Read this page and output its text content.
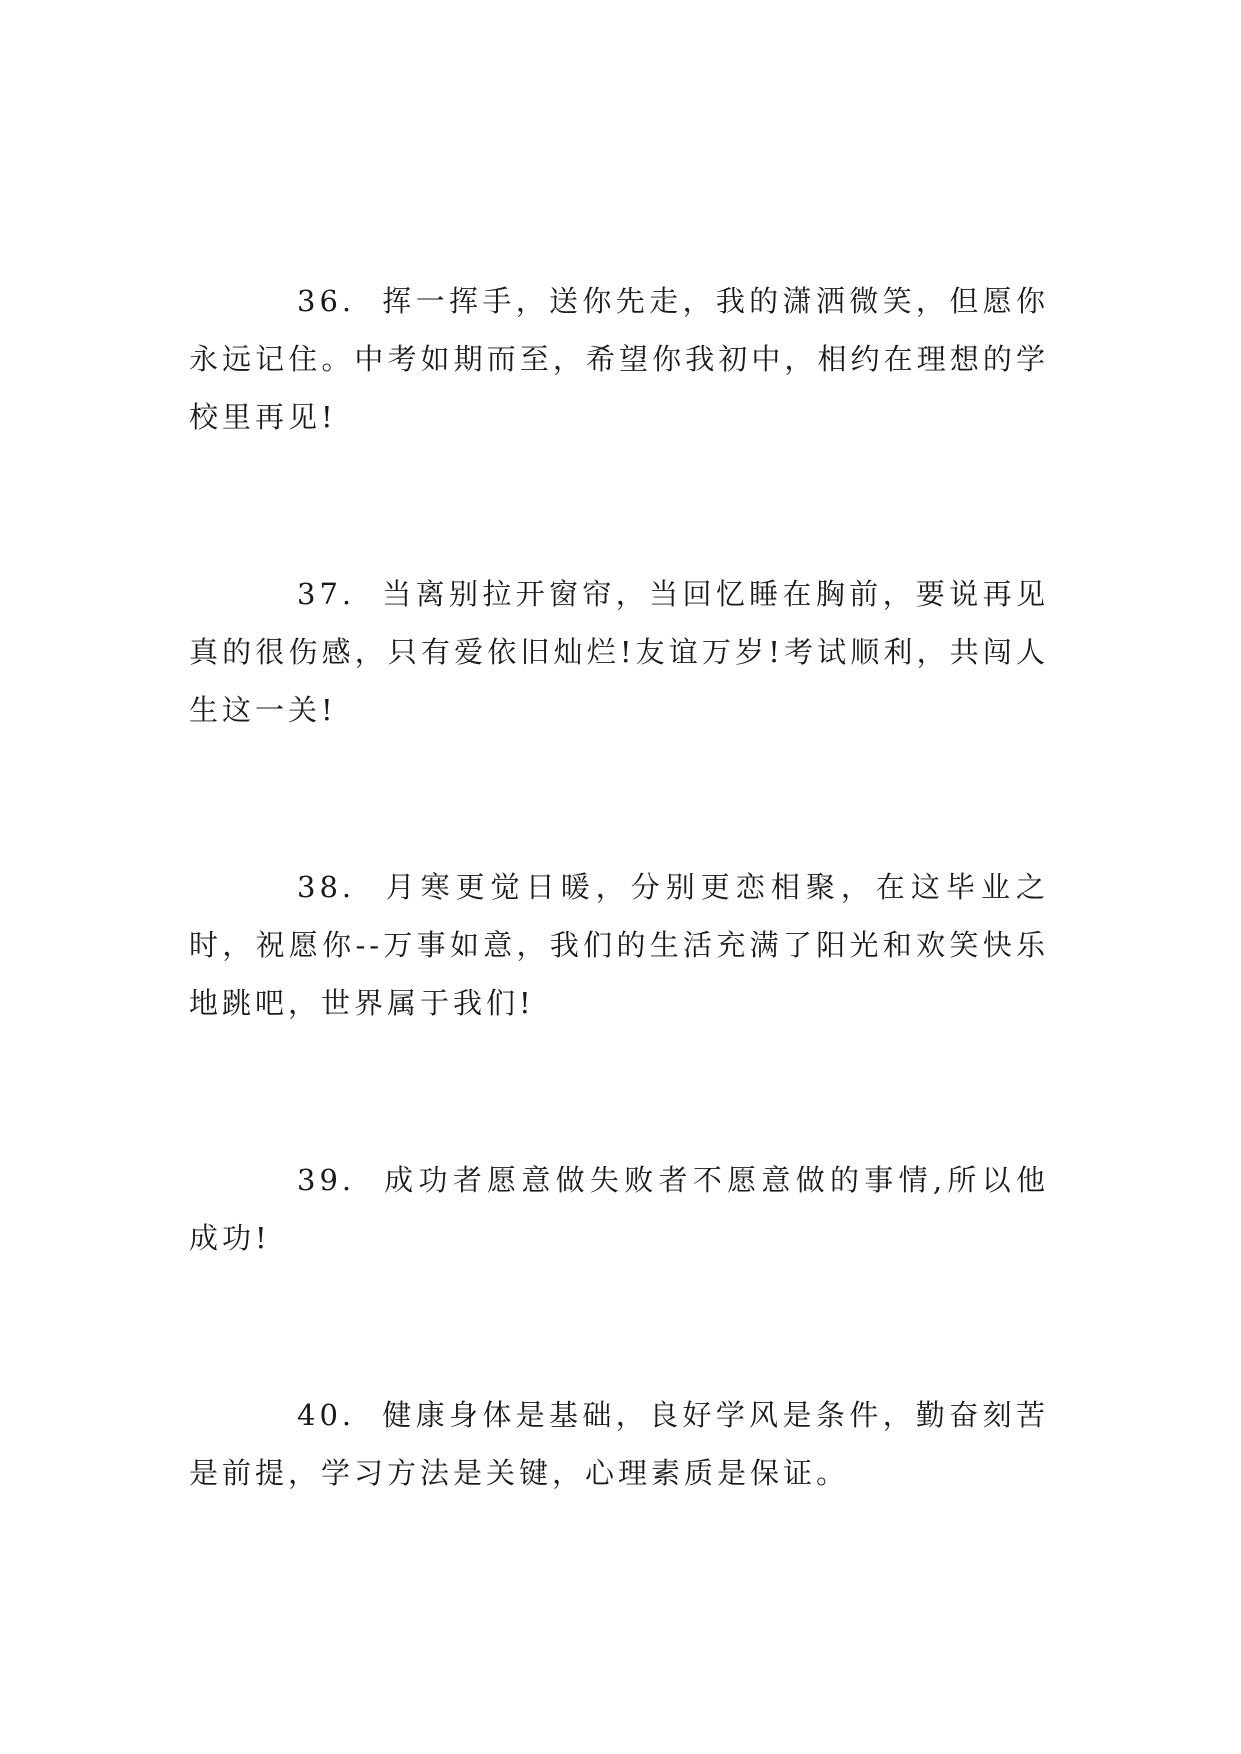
36. 挥一挥手，送你先走，我的潇洒微笑，但愿你永远记住。中考如期而至，希望你我初中，相约在理想的学校里再见!

37. 当离别拉开窗帘，当回忆睡在胸前，要说再见真的很伤感，只有爱依旧灿烂!友谊万岁!考试顺利，共闯人生这一关!

38. 月寒更觉日暖，分别更恋相聚，在这毕业之时，祝愿你--万事如意，我们的生活充满了阳光和欢笑快乐地跳吧，世界属于我们!

39. 成功者愿意做失败者不愿意做的事情,所以他成功!

40. 健康身体是基础，良好学风是条件，勤奋刻苦是前提，学习方法是关键，心理素质是保证。
